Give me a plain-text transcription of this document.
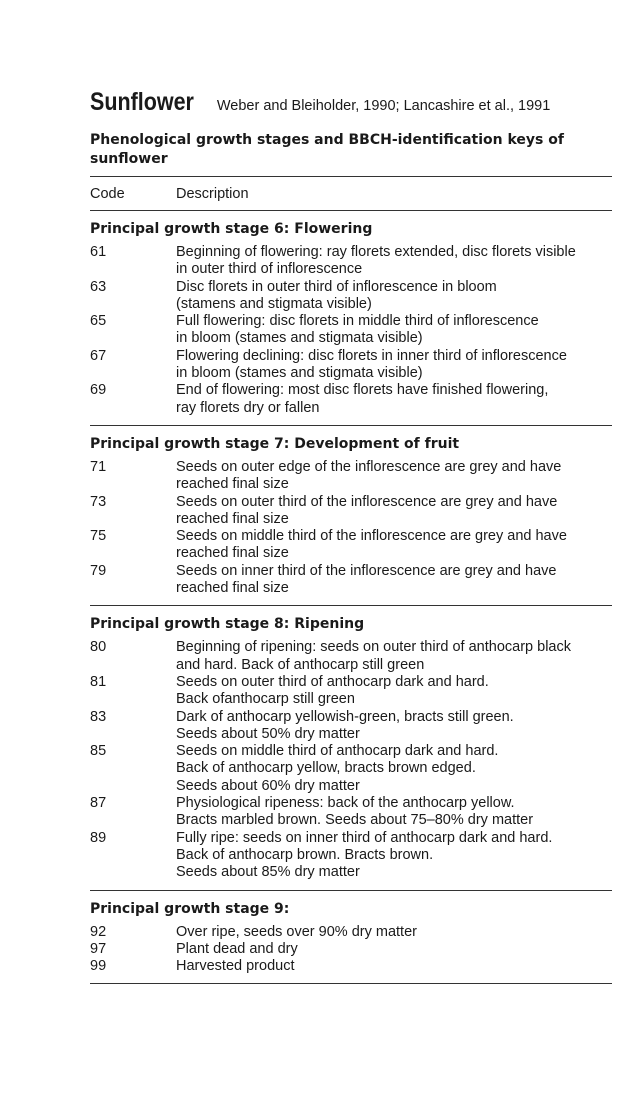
Sunflower Weber and Bleiholder, 1990; Lancashire et al., 1991
Phenological growth stages and BBCH-identification keys of sunflower
Code	Description
Principal growth stage 6: Flowering
61	Beginning of flowering: ray florets extended, disc florets visible
in outer third of inflorescence
63	Disc florets in outer third of inflorescence in bloom
(stamens and stigmata visible)
65	Full flowering: disc florets in middle third of inflorescence
in bloom (stames and stigmata visible)
67	Flowering declining: disc florets in inner third of inflorescence
in bloom (stames and stigmata visible)
69	End of flowering: most disc florets have finished flowering,
ray florets dry or fallen
Principal growth stage 7: Development of fruit
71	Seeds on outer edge of the inflorescence are grey and have
reached final size
73	Seeds on outer third of the inflorescence are grey and have
reached final size
75	Seeds on middle third of the inflorescence are grey and have
reached final size
79	Seeds on inner third of the inflorescence are grey and have
reached final size
Principal growth stage 8: Ripening
80	Beginning of ripening: seeds on outer third of anthocarp black
and hard. Back of anthocarp still green
81	Seeds on outer third of anthocarp dark and hard.
Back ofanthocarp still green
83	Dark of anthocarp yellowish-green, bracts still green.
Seeds about 50% dry matter
85	Seeds on middle third of anthocarp dark and hard.
Back of anthocarp yellow, bracts brown edged.
Seeds about 60% dry matter
87	Physiological ripeness: back of the anthocarp yellow.
Bracts marbled brown. Seeds about 75–80% dry matter
89	Fully ripe: seeds on inner third of anthocarp dark and hard.
Back of anthocarp brown. Bracts brown.
Seeds about 85% dry matter
Principal growth stage 9:
92	Over ripe, seeds over 90% dry matter
97	Plant dead and dry
99	Harvested product
